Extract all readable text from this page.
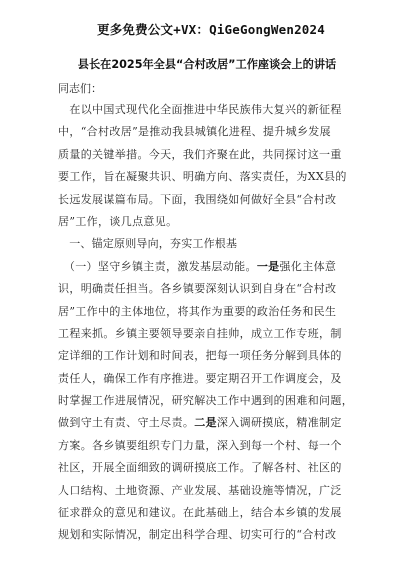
更多免费公文+VX：QiGeGongWen2024
县长在2025年全县“合村改居”工作座谈会上的讲话
同志们：
　在以中国式现代化全面推进中华民族伟大复兴的新征程
中，“合村改居”是推动我县城镇化进程、提升城乡发展
质量的关键举措。今天，我们齐聚在此，共同探讨这一重
要工作，旨在凝聚共识、明确方向、落实责任，为XX县的
长远发展谋篇布局。下面，我围绕如何做好全县“合村改
居”工作，谈几点意见。
　一、锚定原则导向，夯实工作根基
　（一）坚守乡镇主责，激发基层动能。一是强化主体意
识，明确责任担当。各乡镇要深刻认识到自身在“合村改
居”工作中的主体地位，将其作为重要的政治任务和民生
工程来抓。乡镇主要领导要亲自挂帅，成立工作专班，制
定详细的工作计划和时间表，把每一项任务分解到具体的
责任人，确保工作有序推进。要定期召开工作调度会，及
时掌握工作进展情况，研究解决工作中遇到的困难和问题，
做到守土有责、守土尽责。二是深入调研摸底，精准制定
方案。各乡镇要组织专门力量，深入到每一个村、每一个
社区，开展全面细致的调研摸底工作。了解各村、社区的
人口结构、土地资源、产业发展、基础设施等情况，广泛
征求群众的意见和建议。在此基础上，结合本乡镇的发展
规划和实际情况，制定出科学合理、切实可行的“合村改
